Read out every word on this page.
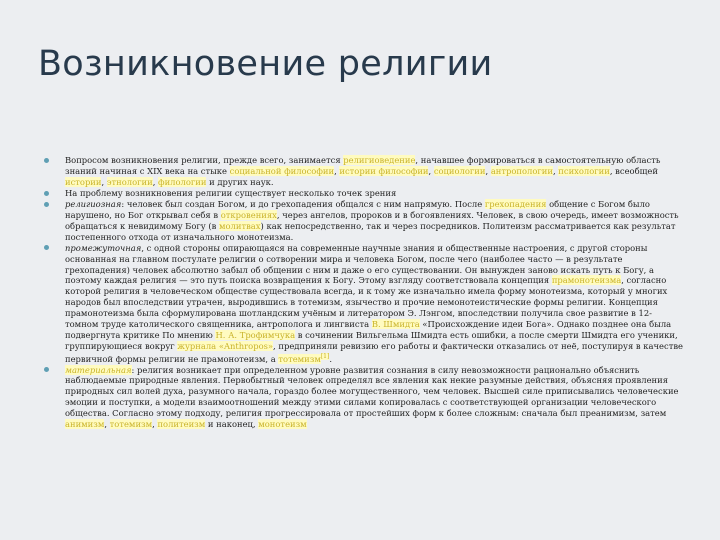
Возникновение религии
Вопросом возникновения религии, прежде всего, занимается религиоведение, начавшее формироваться в самостоятельную область знаний начиная с XIX века на стыке социальной философии, истории философии, социологии, антропологии, психологии, всеобщей истории, этнологии, филологии и других наук.
На проблему возникновения религии существует несколько точек зрения
религиозная: человек был создан Богом, и до грехопадения общался с ним напрямую. После грехопадения общение с Богом было нарушено, но Бог открывал себя в откровениях, через ангелов, пророков и в богоявлениях. Человек, в свою очередь, имеет возможность обращаться к невидимому Богу (в молитвах) как непосредственно, так и через посредников. Политеизм рассматривается как результат постепенного отхода от изначального монотеизма.
промежуточная, с одной стороны опирающаяся на современные научные знания и общественные настроения, с другой стороны основанная на главном постулате религии о сотворении мира и человека Богом, после чего (наиболее часто — в результате грехопадения) человек абсолютно забыл об общении с ним и даже о его существовании. Он вынужден заново искать путь к Богу, а поэтому каждая религия — это путь поиска возвращения к Богу. Этому взгляду соответствовала концепция прамонотеизма, согласно которой религия в человеческом обществе существовала всегда, и к тому же изначально имела форму монотеизма, который у многих народов был впоследствии утрачен, выродившись в тотемизм, язычество и прочие немонотеистические формы религии. Концепция прамонотеизма была сформулирована шотландским учёным и литератором Э. Лэнгом, впоследствии получила свое развитие в 12-томном труде католического священника, антрополога и лингвиста В. Шмидта «Происхождение идеи Бога». Однако позднее она была подвергнута критике По мнению Н. А. Трофимчука в сочинении Вильгельма Шмидта есть ошибки, а после смерти Шмидта его ученики, группирующиеся вокруг журнала «Anthropos», предприняли ревизию его работы и фактически отказались от неё, постулируя в качестве первичной формы религии не прамонотеизм, а тотемизм[1].
материальная: религия возникает при определенном уровне развития сознания в силу невозможности рационально объяснить наблюдаемые природные явления. Первобытный человек определял все явления как некие разумные действия, объясняя проявления природных сил волей духа, разумного начала, гораздо более могущественного, чем человек. Высшей силе приписывались человеческие эмоции и поступки, а модели взаимоотношений между этими силами копировалась с соответствующей организации человеческого общества. Согласно этому подходу, религия прогрессировала от простейших форм к более сложным: сначала был преанимизм, затем анимизм, тотемизм, политеизм и наконец, монотеизм
